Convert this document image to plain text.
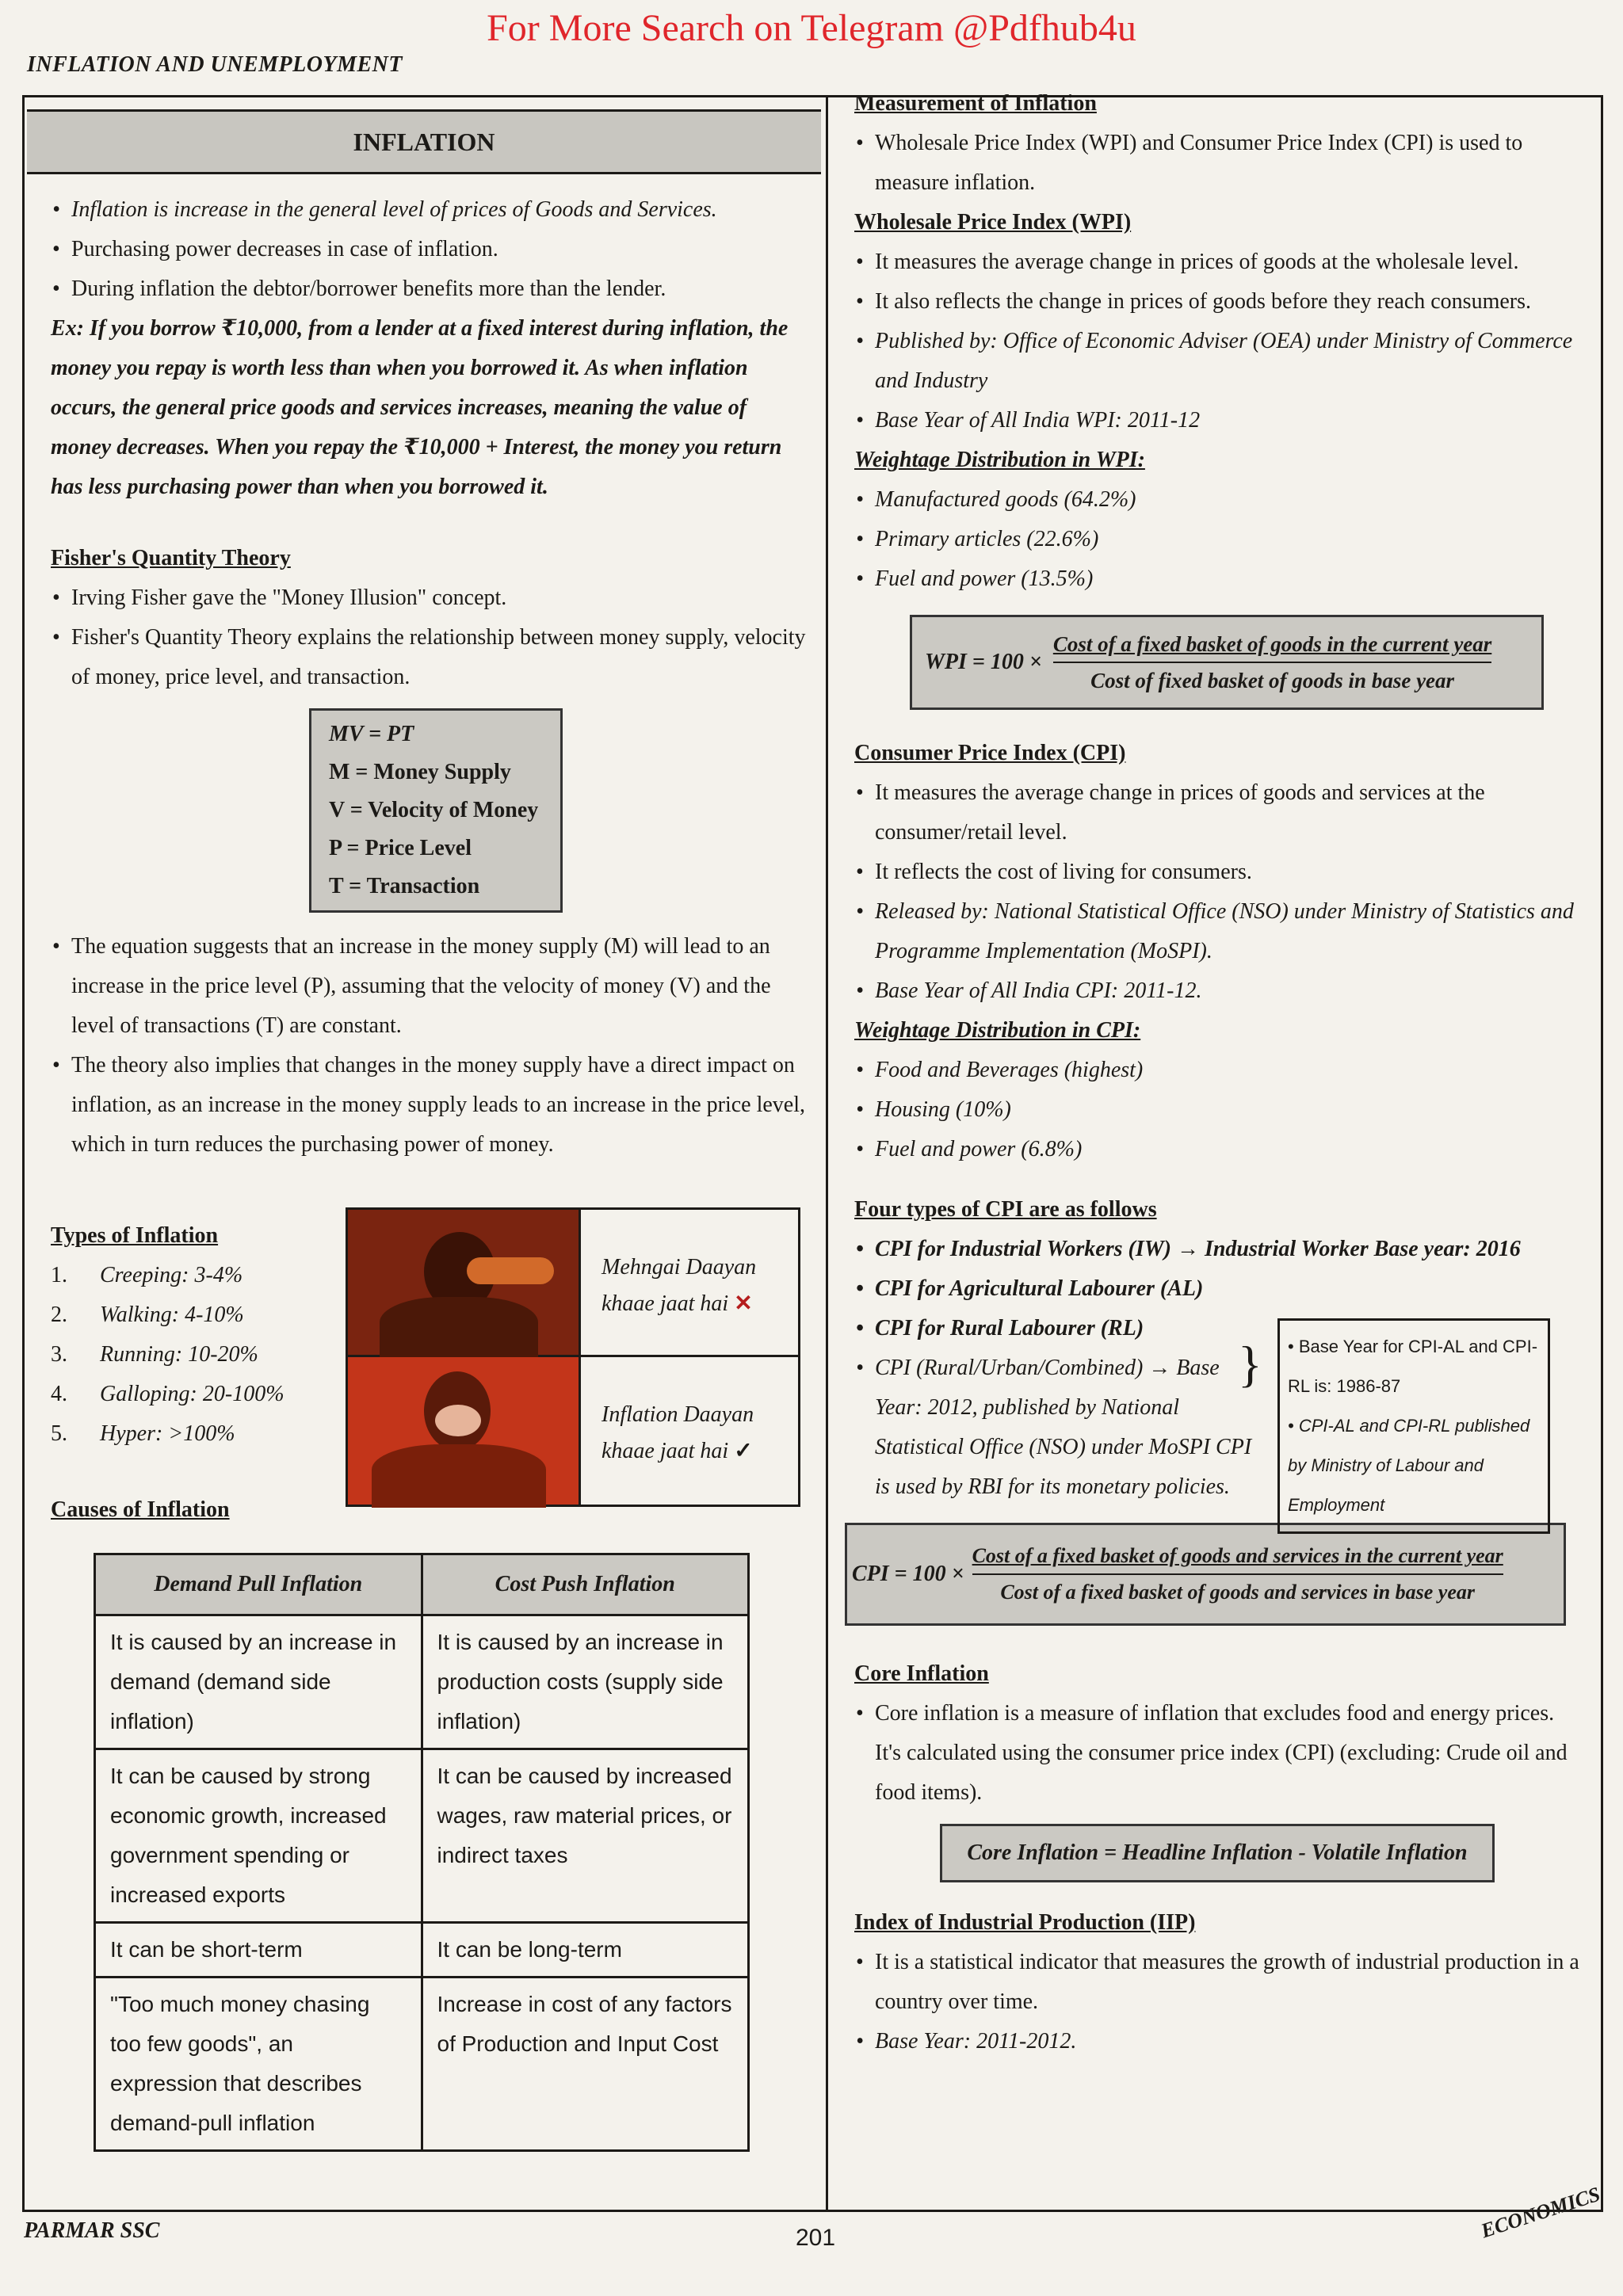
For More Search on Telegram @Pdfhub4u
INFLATION AND UNEMPLOYMENT
INFLATION
• Inflation is increase in the general level of prices of Goods and Services.
• Purchasing power decreases in case of inflation.
• During inflation the debtor/borrower benefits more than the lender.
Ex: If you borrow ₹10,000, from a lender at a fixed interest during inflation, the money you repay is worth less than when you borrowed it. As when inflation occurs, the general price goods and services increases, meaning the value of money decreases. When you repay the ₹10,000 + Interest, the money you return has less purchasing power than when you borrowed it.
Fisher's Quantity Theory
• Irving Fisher gave the "Money Illusion" concept.
• Fisher's Quantity Theory explains the relationship between money supply, velocity of money, price level, and transaction.
MV = PT
M = Money Supply
V = Velocity of Money
P = Price Level
T = Transaction
• The equation suggests that an increase in the money supply (M) will lead to an increase in the price level (P), assuming that the velocity of money (V) and the level of transactions (T) are constant.
• The theory also implies that changes in the money supply have a direct impact on inflation, as an increase in the money supply leads to an increase in the price level, which in turn reduces the purchasing power of money.
Types of Inflation
1. Creeping: 3-4%
2. Walking: 4-10%
3. Running: 10-20%
4. Galloping: 20-100%
5. Hyper: >100%
Mehngai Daayan
khaae jaat hai ✕
Inflation Daayan
khaae jaat hai ✓
Causes of Inflation
Demand Pull Inflation	Cost Push Inflation
It is caused by an increase in demand (demand side inflation)	It is caused by an increase in production costs (supply side inflation)
It can be caused by strong economic growth, increased government spending or increased exports	It can be caused by increased wages, raw material prices, or indirect taxes
It can be short-term	It can be long-term
"Too much money chasing too few goods", an expression that describes demand-pull inflation	Increase in cost of any factors of Production and Input Cost
Measurement of Inflation
• Wholesale Price Index (WPI) and Consumer Price Index (CPI) is used to measure inflation.
Wholesale Price Index (WPI)
• It measures the average change in prices of goods at the wholesale level.
• It also reflects the change in prices of goods before they reach consumers.
• Published by: Office of Economic Adviser (OEA) under Ministry of Commerce and Industry
• Base Year of All India WPI: 2011-12
Weightage Distribution in WPI:
• Manufactured goods (64.2%)
• Primary articles (22.6%)
• Fuel and power (13.5%)
WPI = $100 \times \frac{\text{Cost of a fixed basket of goods in the current year}}{\text{Cost of fixed basket of goods in base year}}$
Consumer Price Index (CPI)
• It measures the average change in prices of goods and services at the consumer/retail level.
• It reflects the cost of living for consumers.
• Released by: National Statistical Office (NSO) under Ministry of Statistics and Programme Implementation (MoSPI).
• Base Year of All India CPI: 2011-12.
Weightage Distribution in CPI:
• Food and Beverages (highest)
• Housing (10%)
• Fuel and power (6.8%)
Four types of CPI are as follows
• CPI for Industrial Workers (IW) → Industrial Worker Base year: 2016
• CPI for Agricultural Labourer (AL)
• CPI for Rural Labourer (RL)
• CPI (Rural/Urban/Combined) → Base Year: 2012, published by National Statistical Office (NSO) under MoSPI CPI is used by RBI for its monetary policies.
CPI = 100 ×
Cost of a fixed basket of goods and services in the current year
Cost of a fixed basket of goods and services in base year
Core Inflation
• Core inflation is a measure of inflation that excludes food and energy prices. It's calculated using the consumer price index (CPI) (excluding: Crude oil and food items).
Core Inflation = Headline Inflation - Volatile Inflation
Index of Industrial Production (IIP)
• It is a statistical indicator that measures the growth of industrial production in a country over time.
• Base Year: 2011-2012.
} • Base Year for CPI-AL and CPI-RL is: 1986-87
• CPI-AL and CPI-RL published by Ministry of Labour and Employment
PARMAR SSC	201	ECONOMICS
